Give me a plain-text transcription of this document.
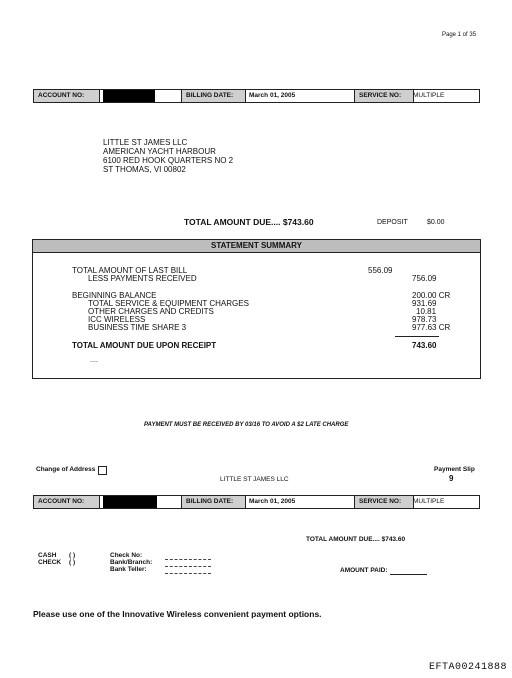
Page 1 of 35
ACCOUNT NO:	BILLING DATE:	March 01, 2005	SERVICE NO:	MULTIPLE
LITTLE ST JAMES LLC
AMERICAN YACHT HARBOUR
6100 RED HOOK QUARTERS NO 2
ST THOMAS, VI 00802
TOTAL AMOUNT DUE.... $743.60	DEPOSIT	$0.00
STATEMENT SUMMARY
TOTAL AMOUNT OF LAST BILL	556.09
LESS PAYMENTS RECEIVED	756.09
BEGINNING BALANCE	200.00 CR
TOTAL SERVICE & EQUIPMENT CHARGES	931.69
OTHER CHARGES AND CREDITS	10.81
ICC WIRELESS	978.73
BUSINESS TIME SHARE 3	977.63 CR
TOTAL AMOUNT DUE UPON RECEIPT	743.60
....
PAYMENT MUST BE RECEIVED BY 03/16 TO AVOID A $2 LATE CHARGE
Change of Address	Payment Slip
9
LITTLE ST JAMES LLC
ACCOUNT NO:	BILLING DATE:	March 01, 2005	SERVICE NO:	MULTIPLE
TOTAL AMOUNT DUE.... $743.60
CASH ( )
CHECK ( )
Check No:
Bank/Branch:
Bank Teller:	AMOUNT PAID:
Please use one of the Innovative Wireless convenient payment options.
EFTA00241888
